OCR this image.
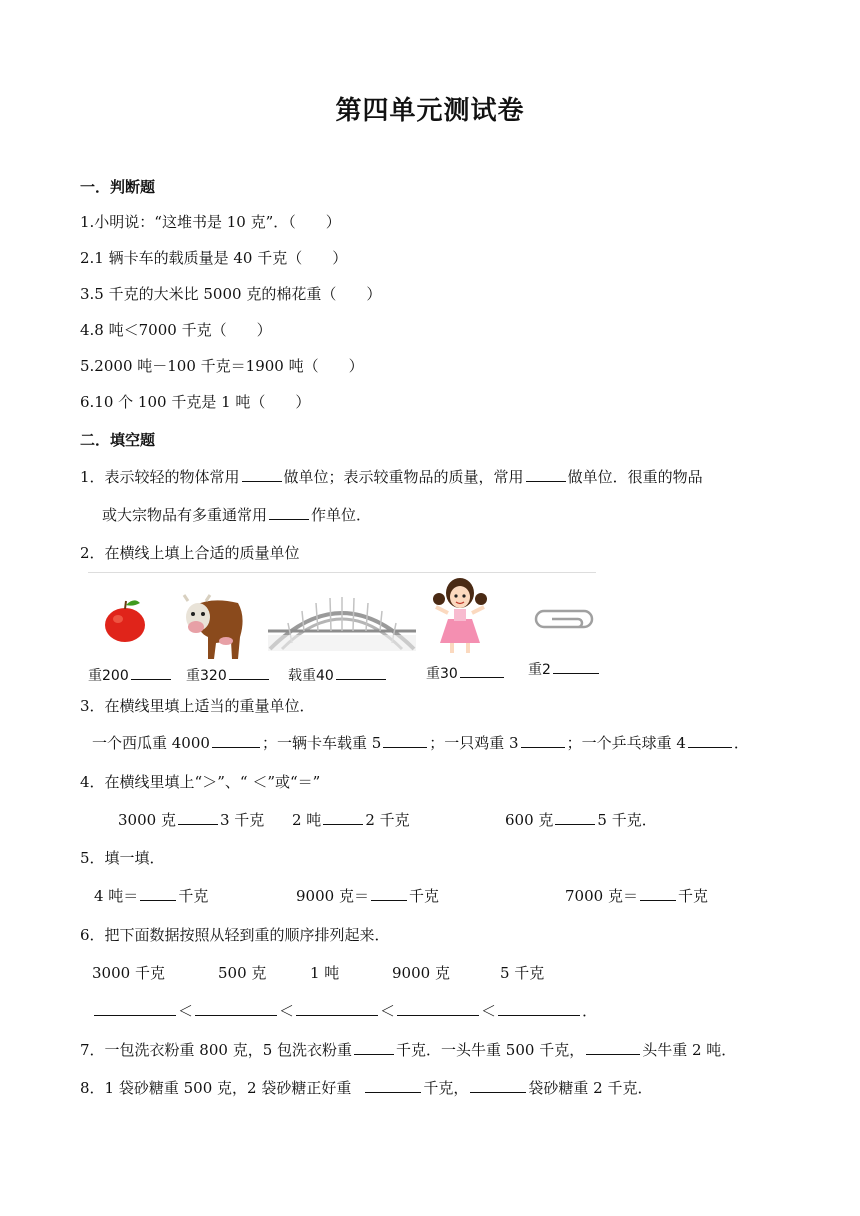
第四单元测试卷
一．判断题
1.小明说：“这堆书是 10 克”．（　　）
2.1 辆卡车的载质量是 40 千克（　　）
3.5 千克的大米比 5000 克的棉花重（　　）
4.8 吨＜7000 千克（　　）
5.2000 吨－100 千克＝1900 吨（　　）
6.10 个 100 千克是 1 吨（　　）
二．填空题
1．表示较轻的物体常用	做单位；表示较重物品的质量，常用	做单位．很重的物品
或大宗物品有多重通常用	作单位．
2．在横线上填上合适的质量单位
重200	重320	载重40	重30	重2
3．在横线里填上适当的重量单位．
一个西瓜重 4000	；一辆卡车载重 5	；一只鸡重 3	；一个乒乓球重 4	．
4．在横线里填上“＞”、“ ＜”或“＝”
3000 克	3 千克 2 吨	2 千克	600 克	5 千克．
5．填一填．
4 吨＝	千克	9000 克＝	千克	7000 克＝	千克
6．把下面数据按照从轻到重的顺序排列起来．
3000 千克	500 克	1 吨	9000 克	5 千克
＜	＜	＜	＜	．
7．一包洗衣粉重 800 克，5 包洗衣粉重	千克．一头牛重 500 千克，	头牛重 2 吨．
8．1 袋砂糖重 500 克，2 袋砂糖正好重	千克，	袋砂糖重 2 千克．
